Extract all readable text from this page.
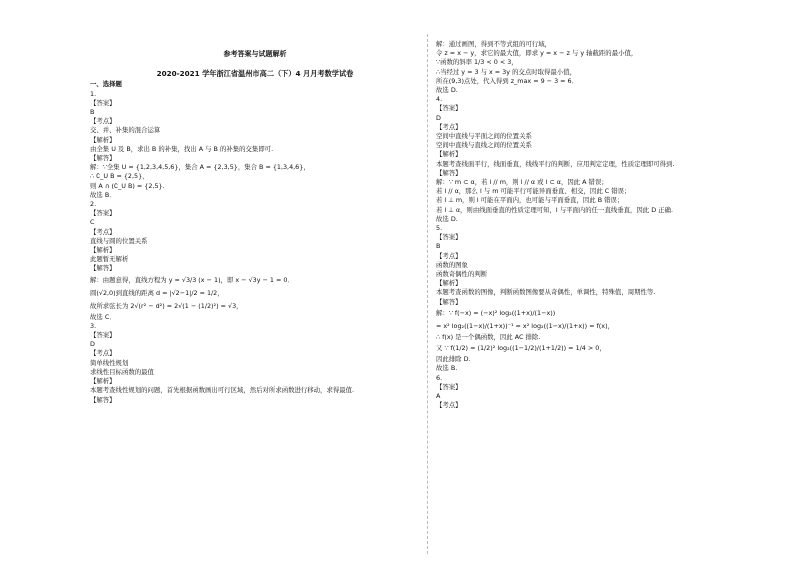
参考答案与试题解析
2020-2021 学年浙江省温州市高二（下）4 月月考数学试卷
一、选择题
1.
【答案】
B
【考点】
交、并、补集的混合运算
【解析】
由全集 U 及 B，求出 B 的补集，找出 A 与 B 的补集的交集即可.
【解答】
解：∵全集 U = {1,2,3,4,5,6}，集合 A = {2,3,5}，集合 B = {1,3,4,6}，
∴ ∁_U B = {2,5}，
则 A ∩ (∁_U B) = {2,5}.
故选 B．
2.
【答案】
C
【考点】
直线与圆的位置关系
【解析】
此题暂无解析
【解答】
解：由题意得，直线方程为 y = √3/3 (x − 1)，即 x − √3y − 1 = 0．
圆(√2,0)到直线的距离 d = |√2−1|/2 = 1/2，
故所求弦长为 2√(r² − d²) = 2√(1 − (1/2)²) = √3，
故选 C．
3.
【答案】
D
【考点】
简单线性规划
求线性目标函数的最值
【解析】
本题考查线性规划的问题，首先根据函数画出可行区域，然后对所求函数进行移动，求得最值.
【解答】
解：通过画图，得到不等式组的可行域，
令 z = x − y，求它的最大值，即求 y = x − z 与 y 轴截距的最小值，
∵函数的斜率 1/3 < 0 < 3，
∴当经过 y = 3 与 x = 3y 的交点时取得最小值，
所在(9,3)点处，代入得到 z_max = 9 − 3 = 6．
故选 D.
4.
【答案】
D
【考点】
空间中直线与平面之间的位置关系
空间中直线与直线之间的位置关系
【解析】
本题考查线面平行，线面垂直，线线平行的判断，应用判定定理，性质定理即可得到.
【解答】
解：∵ m ⊂ α，若 l // m，则 l // α 或 l ⊂ α，因此 A 错误；
若 l // α，那么 l 与 m 可能平行可能异面垂直、相交，因此 C 错误；
若 l ⊥ m，则 l 可能在平面内，也可能与平面垂直，因此 B 错误；
若 l ⊥ α，则由线面垂直的性质定理可知，l 与平面内的任一直线垂直，因此 D 正确.
故选 D.
5.
【答案】
B
【考点】
函数的图象
函数奇偶性的判断
【解析】
本题考查函数的图像，判断函数图像要从奇偶性，单调性，特殊值，周期性等.
【解答】
解：∵ f(−x) = (−x)² log₂((1+x)/(1−x))
= x² log₂((1−x)/(1+x))⁻¹ = x² log₂((1−x)/(1+x)) = f(x)，
∴ f(x) 是一个偶函数，因此 AC 排除.
又 ∵ f(1/2) = (1/2)² log₂((1−1/2)/(1+1/2)) = 1/4 > 0，
因此排除 D.
故选 B.
6.
【答案】
A
【考点】
